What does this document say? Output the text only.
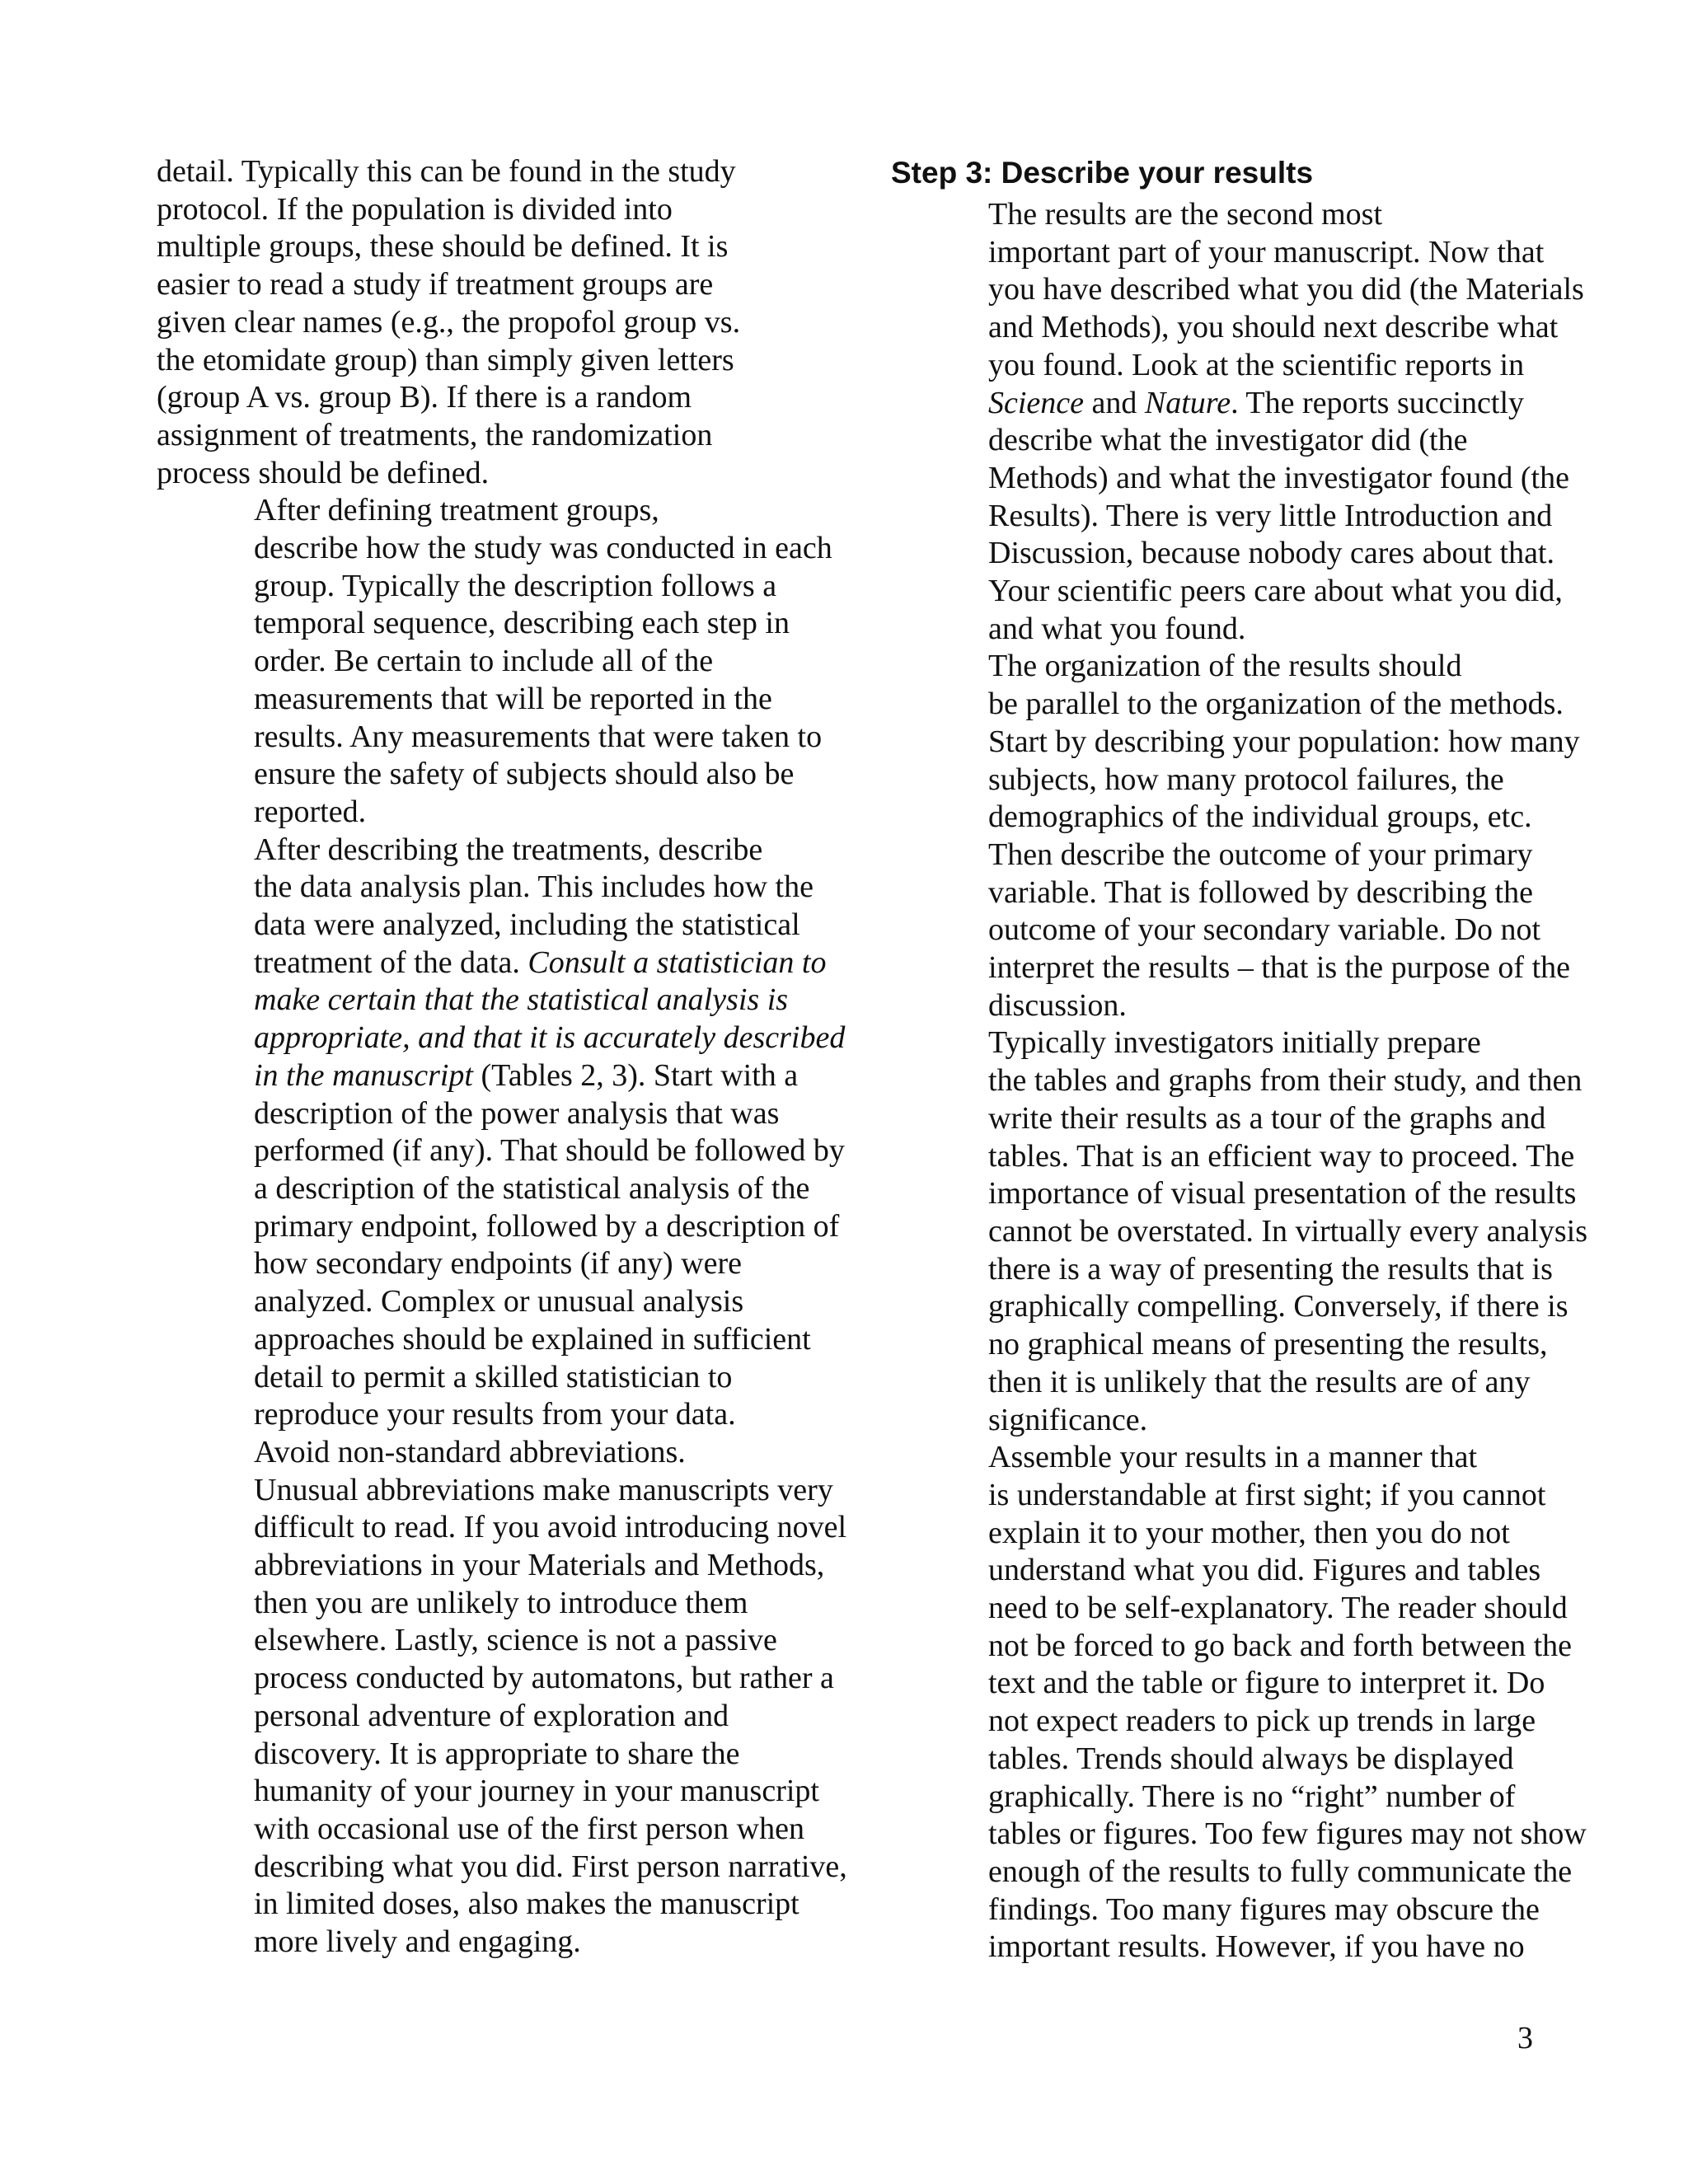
detail. Typically this can be found in the study
protocol. If the population is divided into
multiple groups, these should be defined. It is
easier to read a study if treatment groups are
given clear names (e.g., the propofol group vs.
the etomidate group) than simply given letters
(group A vs. group B). If there is a random
assignment of treatments, the randomization
process should be defined.

After defining treatment groups,
describe how the study was conducted in each
group. Typically the description follows a
temporal sequence, describing each step in
order. Be certain to include all of the
measurements that will be reported in the
results. Any measurements that were taken to
ensure the safety of subjects should also be
reported.

After describing the treatments, describe
the data analysis plan. This includes how the
data were analyzed, including the statistical
treatment of the data. Consult a statistician to
make certain that the statistical analysis is
appropriate, and that it is accurately described
in the manuscript (Tables 2, 3). Start with a
description of the power analysis that was
performed (if any). That should be followed by
a description of the statistical analysis of the
primary endpoint, followed by a description of
how secondary endpoints (if any) were
analyzed. Complex or unusual analysis
approaches should be explained in sufficient
detail to permit a skilled statistician to
reproduce your results from your data.

Avoid non-standard abbreviations.
Unusual abbreviations make manuscripts very
difficult to read. If you avoid introducing novel
abbreviations in your Materials and Methods,
then you are unlikely to introduce them
elsewhere. Lastly, science is not a passive
process conducted by automatons, but rather a
personal adventure of exploration and
discovery. It is appropriate to share the
humanity of your journey in your manuscript
with occasional use of the first person when
describing what you did. First person narrative,
in limited doses, also makes the manuscript
more lively and engaging.

Step 3: Describe your results

The results are the second most
important part of your manuscript. Now that
you have described what you did (the Materials
and Methods), you should next describe what
you found. Look at the scientific reports in
Science and Nature. The reports succinctly
describe what the investigator did (the
Methods) and what the investigator found (the
Results). There is very little Introduction and
Discussion, because nobody cares about that.
Your scientific peers care about what you did,
and what you found.

The organization of the results should
be parallel to the organization of the methods.
Start by describing your population: how many
subjects, how many protocol failures, the
demographics of the individual groups, etc.
Then describe the outcome of your primary
variable. That is followed by describing the
outcome of your secondary variable. Do not
interpret the results – that is the purpose of the
discussion.

Typically investigators initially prepare
the tables and graphs from their study, and then
write their results as a tour of the graphs and
tables. That is an efficient way to proceed. The
importance of visual presentation of the results
cannot be overstated. In virtually every analysis
there is a way of presenting the results that is
graphically compelling. Conversely, if there is
no graphical means of presenting the results,
then it is unlikely that the results are of any
significance.

Assemble your results in a manner that
is understandable at first sight; if you cannot
explain it to your mother, then you do not
understand what you did. Figures and tables
need to be self-explanatory. The reader should
not be forced to go back and forth between the
text and the table or figure to interpret it. Do
not expect readers to pick up trends in large
tables. Trends should always be displayed
graphically. There is no “right” number of
tables or figures. Too few figures may not show
enough of the results to fully communicate the
findings. Too many figures may obscure the
important results. However, if you have no

3
